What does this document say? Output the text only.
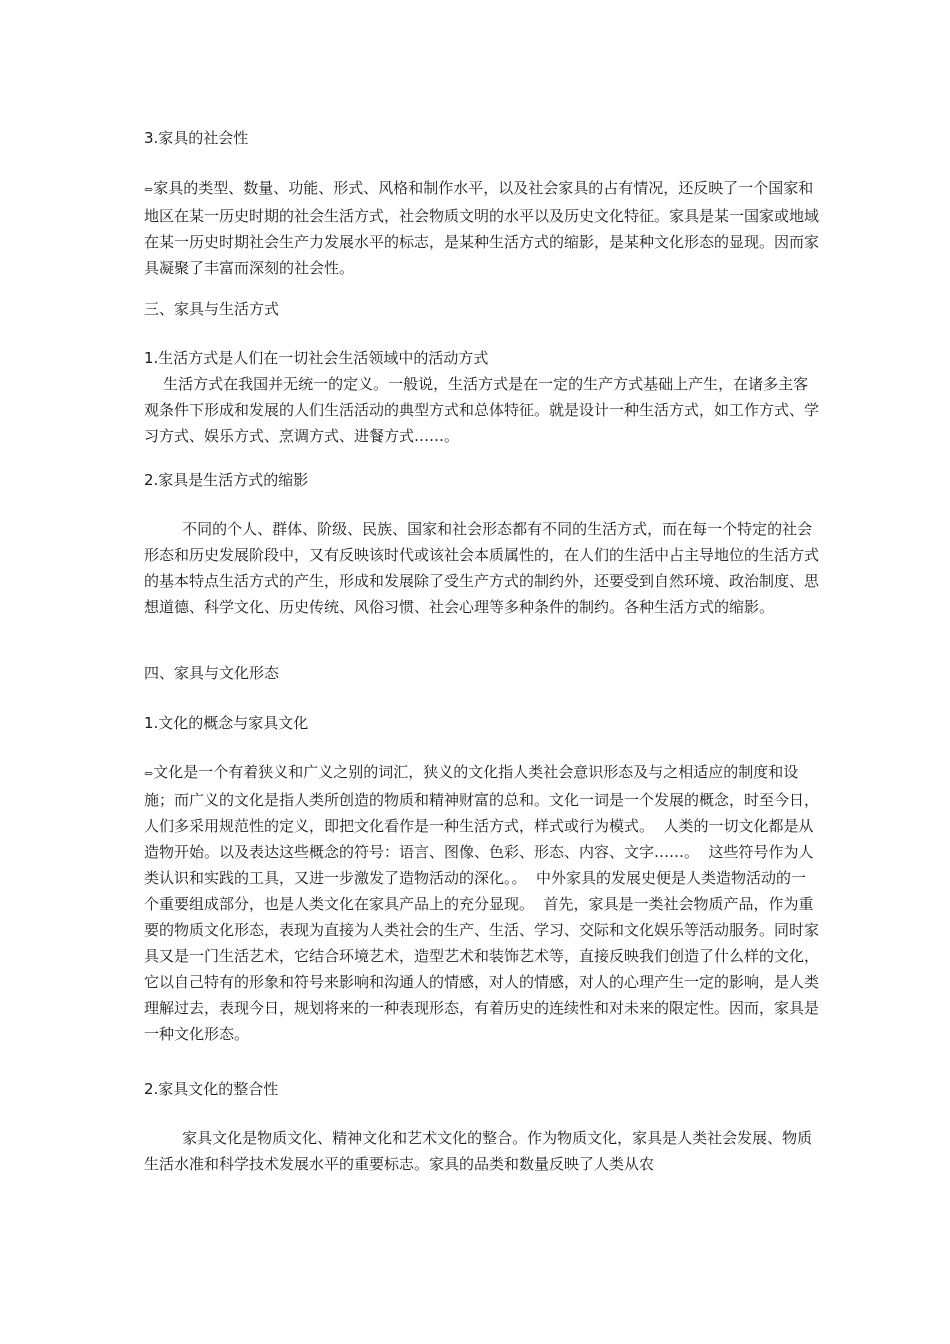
3.家具的社会性

⇔家具的类型、数量、功能、形式、风格和制作水平，以及社会家具的占有情况，还反映了一个国家和地区在某一历史时期的社会生活方式，社会物质文明的水平以及历史文化特征。家具是某一国家或地域在某一历史时期社会生产力发展水平的标志，是某种生活方式的缩影，是某种文化形态的显现。因而家具凝聚了丰富而深刻的社会性。

三、家具与生活方式

1.生活方式是人们在一切社会生活领域中的活动方式

生活方式在我国并无统一的定义。一般说，生活方式是在一定的生产方式基础上产生，在诸多主客观条件下形成和发展的人们生活活动的典型方式和总体特征。就是设计一种生活方式，如工作方式、学习方式、娱乐方式、烹调方式、进餐方式……。

2.家具是生活方式的缩影

不同的个人、群体、阶级、民族、国家和社会形态都有不同的生活方式，而在每一个特定的社会形态和历史发展阶段中，又有反映该时代或该社会本质属性的，在人们的生活中占主导地位的生活方式的基本特点生活方式的产生，形成和发展除了受生产方式的制约外，还要受到自然环境、政治制度、思想道德、科学文化、历史传统、风俗习惯、社会心理等多种条件的制约。各种生活方式的缩影。

四、家具与文化形态

1.文化的概念与家具文化

⇔文化是一个有着狭义和广义之别的词汇，狭义的文化指人类社会意识形态及与之相适应的制度和设施；而广义的文化是指人类所创造的物质和精神财富的总和。文化一词是一个发展的概念，时至今日，人们多采用规范性的定义，即把文化看作是一种生活方式，样式或行为模式。  人类的一切文化都是从造物开始。以及表达这些概念的符号：语言、图像、色彩、形态、内容、文字……。  这些符号作为人类认识和实践的工具，又进一步激发了造物活动的深化。。  中外家具的发展史便是人类造物活动的一个重要组成部分，也是人类文化在家具产品上的充分显现。  首先，家具是一类社会物质产品，作为重要的物质文化形态，表现为直接为人类社会的生产、生活、学习、交际和文化娱乐等活动服务。同时家具又是一门生活艺术，它结合环境艺术，造型艺术和装饰艺术等，直接反映我们创造了什么样的文化，它以自己特有的形象和符号来影响和沟通人的情感，对人的情感，对人的心理产生一定的影响，是人类理解过去，表现今日，规划将来的一种表现形态，有着历史的连续性和对未来的限定性。因而，家具是一种文化形态。

2.家具文化的整合性

家具文化是物质文化、精神文化和艺术文化的整合。作为物质文化，家具是人类社会发展、物质生活水准和科学技术发展水平的重要标志。家具的品类和数量反映了人类从农
